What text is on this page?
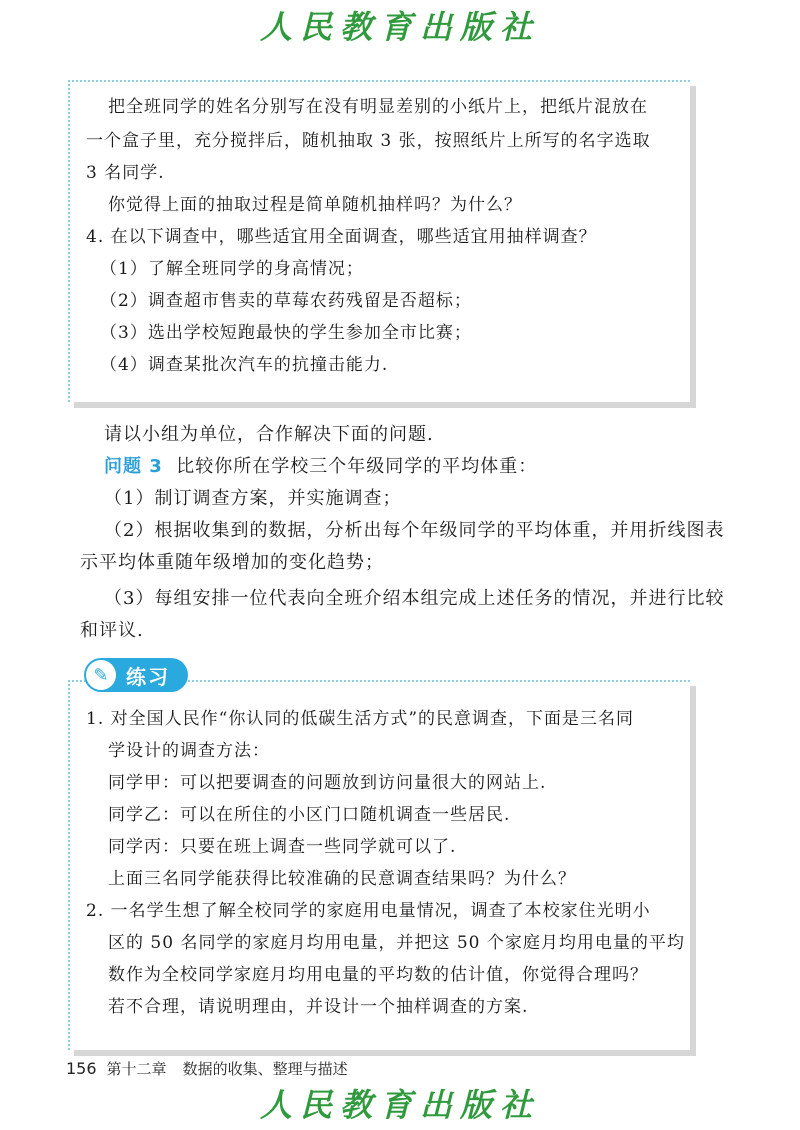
人民教育出版社
把全班同学的姓名分别写在没有明显差别的小纸片上，把纸片混放在
一个盒子里，充分搅拌后，随机抽取 3 张，按照纸片上所写的名字选取
3 名同学.
你觉得上面的抽取过程是简单随机抽样吗？为什么？
4. 在以下调查中，哪些适宜用全面调查，哪些适宜用抽样调查？
（1）了解全班同学的身高情况；
（2）调查超市售卖的草莓农药残留是否超标；
（3）选出学校短跑最快的学生参加全市比赛；
（4）调查某批次汽车的抗撞击能力.
请以小组为单位，合作解决下面的问题.
问题 3 比较你所在学校三个年级同学的平均体重：
（1）制订调查方案，并实施调查；
（2）根据收集到的数据，分析出每个年级同学的平均体重，并用折线图表
示平均体重随年级增加的变化趋势；
（3）每组安排一位代表向全班介绍本组完成上述任务的情况，并进行比较
和评议.
✎ 练习
1. 对全国人民作“你认同的低碳生活方式”的民意调查，下面是三名同
学设计的调查方法：
同学甲：可以把要调查的问题放到访问量很大的网站上.
同学乙：可以在所住的小区门口随机调查一些居民.
同学丙：只要在班上调查一些同学就可以了.
上面三名同学能获得比较准确的民意调查结果吗？为什么？
2. 一名学生想了解全校同学的家庭用电量情况，调查了本校家住光明小
区的 50 名同学的家庭月均用电量，并把这 50 个家庭月均用电量的平均
数作为全校同学家庭月均用电量的平均数的估计值，你觉得合理吗？
若不合理，请说明理由，并设计一个抽样调查的方案.
156 第十二章 数据的收集、整理与描述
人民教育出版社
